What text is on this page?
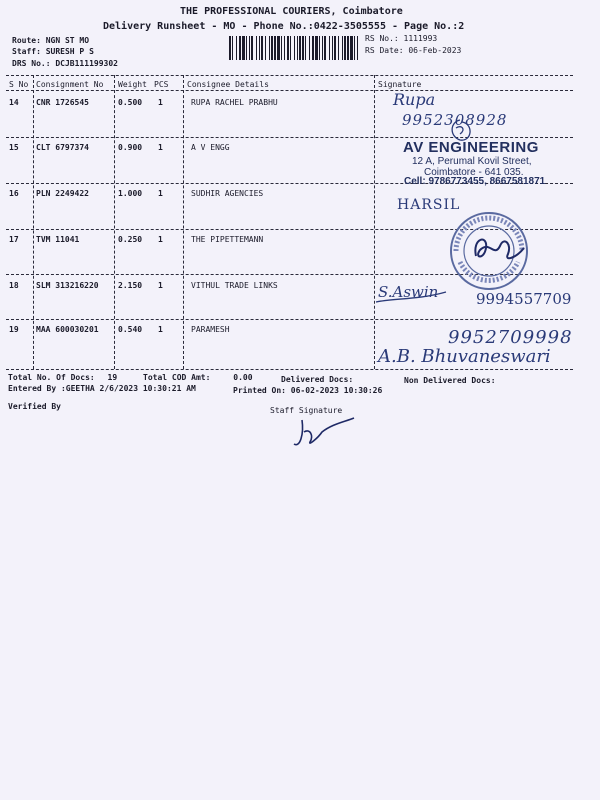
THE PROFESSIONAL COURIERS, Coimbatore
Delivery Runsheet - MO - Phone No.:0422-3505555 - Page No.:2
Route: NGN ST MO
Staff: SURESH P S
DRS No.: DCJB111199302
RS No.: 1111993
RS Date: 06-Feb-2023
S No Consignment No Weight PCS Consignee Details	Signature
14 CNR 1726545	0.500 1	RUPA RACHEL PRABHU
15 CLT 6797374	0.900 1	A V ENGG
16 PLN 2249422	1.000 1	SUDHIR AGENCIES
17 TVM 11041	0.250 1	THE PIPETTEMANN
18 SLM 313216220 2.150 1	VITHUL TRADE LINKS
19 MAA 600030201 0.540 1	PARAMESH
Rupa
9952308928
AV ENGINEERING
12 A, Perumal Kovil Street,
Coimbatore - 641 035.
Cell: 9786773455, 8667581871
HARSIL
S.Aswin	9994557709
9952709998
A.B. Bhuvaneswari
Total No. Of Docs: 19	Total COD Amt:	0.00	Delivered Docs:	Non Delivered Docs:
Entered By :GEETHA 2/6/2023 10:30:21 AM	Printed On: 06-02-2023 10:30:26
Verified By	Staff Signature
